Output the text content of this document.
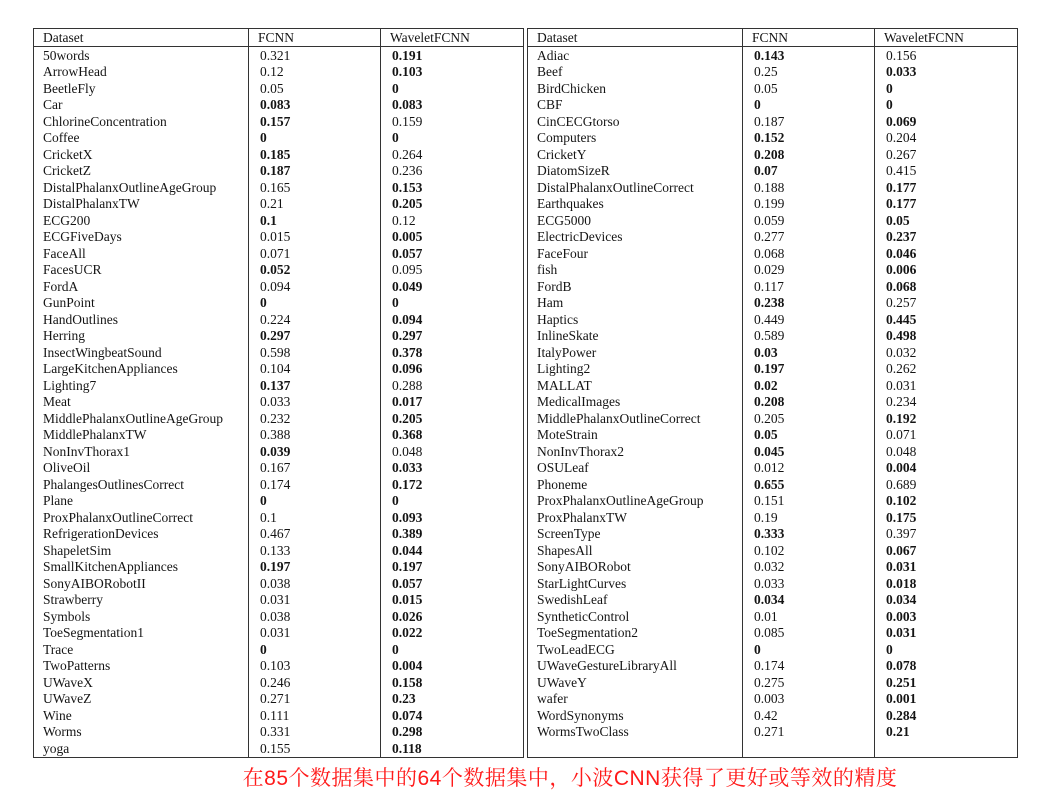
Dataset	FCNN	WaveletFCNN
50words	0.321	0.191
ArrowHead	0.12	0.103
BeetleFly	0.05	0
Car	0.083	0.083
ChlorineConcentration	0.157	0.159
Coffee	0	0
CricketX	0.185	0.264
CricketZ	0.187	0.236
DistalPhalanxOutlineAgeGroup	0.165	0.153
DistalPhalanxTW	0.21	0.205
ECG200	0.1	0.12
ECGFiveDays	0.015	0.005
FaceAll	0.071	0.057
FacesUCR	0.052	0.095
FordA	0.094	0.049
GunPoint	0	0
HandOutlines	0.224	0.094
Herring	0.297	0.297
InsectWingbeatSound	0.598	0.378
LargeKitchenAppliances	0.104	0.096
Lighting7	0.137	0.288
Meat	0.033	0.017
MiddlePhalanxOutlineAgeGroup	0.232	0.205
MiddlePhalanxTW	0.388	0.368
NonInvThorax1	0.039	0.048
OliveOil	0.167	0.033
PhalangesOutlinesCorrect	0.174	0.172
Plane	0	0
ProxPhalanxOutlineCorrect	0.1	0.093
RefrigerationDevices	0.467	0.389
ShapeletSim	0.133	0.044
SmallKitchenAppliances	0.197	0.197
SonyAIBORobotII	0.038	0.057
Strawberry	0.031	0.015
Symbols	0.038	0.026
ToeSegmentation1	0.031	0.022
Trace	0	0
TwoPatterns	0.103	0.004
UWaveX	0.246	0.158
UWaveZ	0.271	0.23
Wine	0.111	0.074
Worms	0.331	0.298
yoga	0.155	0.118
Dataset	FCNN	WaveletFCNN
Adiac	0.143	0.156
Beef	0.25	0.033
BirdChicken	0.05	0
CBF	0	0
CinCECGtorso	0.187	0.069
Computers	0.152	0.204
CricketY	0.208	0.267
DiatomSizeR	0.07	0.415
DistalPhalanxOutlineCorrect	0.188	0.177
Earthquakes	0.199	0.177
ECG5000	0.059	0.05
ElectricDevices	0.277	0.237
FaceFour	0.068	0.046
fish	0.029	0.006
FordB	0.117	0.068
Ham	0.238	0.257
Haptics	0.449	0.445
InlineSkate	0.589	0.498
ItalyPower	0.03	0.032
Lighting2	0.197	0.262
MALLAT	0.02	0.031
MedicalImages	0.208	0.234
MiddlePhalanxOutlineCorrect	0.205	0.192
MoteStrain	0.05	0.071
NonInvThorax2	0.045	0.048
OSULeaf	0.012	0.004
Phoneme	0.655	0.689
ProxPhalanxOutlineAgeGroup	0.151	0.102
ProxPhalanxTW	0.19	0.175
ScreenType	0.333	0.397
ShapesAll	0.102	0.067
SonyAIBORobot	0.032	0.031
StarLightCurves	0.033	0.018
SwedishLeaf	0.034	0.034
SyntheticControl	0.01	0.003
ToeSegmentation2	0.085	0.031
TwoLeadECG	0	0
UWaveGestureLibraryAll	0.174	0.078
UWaveY	0.275	0.251
wafer	0.003	0.001
WordSynonyms	0.42	0.284
WormsTwoClass	0.271	0.21

在85个数据集中的64个数据集中，小波CNN获得了更好或等效的精度
